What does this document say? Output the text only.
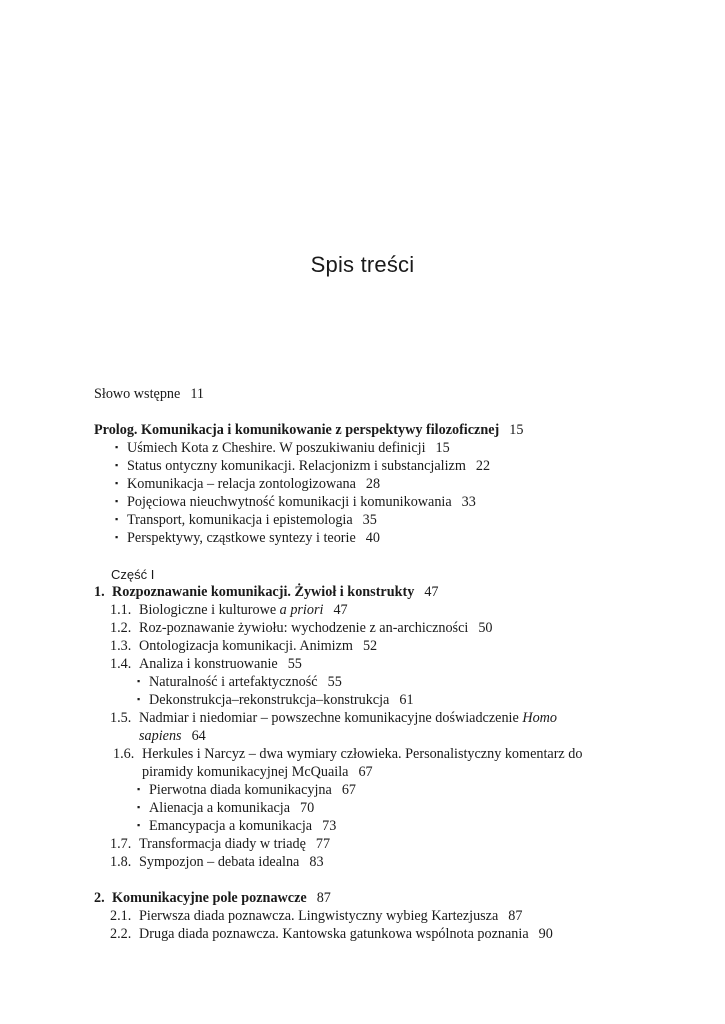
Spis treści
Słowo wstępne 11
Prolog. Komunikacja i komunikowanie z perspektywy filozoficznej 15
▪ Uśmiech Kota z Cheshire. W poszukiwaniu definicji 15
▪ Status ontyczny komunikacji. Relacjonizm i substancjalizm 22
▪ Komunikacja – relacja zontologizowana 28
▪ Pojęciowa nieuchwytność komunikacji i komunikowania 33
▪ Transport, komunikacja i epistemologia 35
▪ Perspektywy, cząstkowe syntezy i teorie 40
Część I
1. Rozpoznawanie komunikacji. Żywioł i konstrukty 47
1.1. Biologiczne i kulturowe a priori 47
1.2. Roz-poznawanie żywiołu: wychodzenie z an-archiczności 50
1.3. Ontologizacja komunikacji. Animizm 52
1.4. Analiza i konstruowanie 55
▪ Naturalność i artefaktyczność 55
▪ Dekonstrukcja–rekonstrukcja–konstrukcja 61
1.5. Nadmiar i niedomiar – powszechne komunikacyjne doświadczenie Homo
sapiens 64
1.6. Herkules i Narcyz – dwa wymiary człowieka. Personalistyczny komentarz do
piramidy komunikacyjnej McQuaila 67
▪ Pierwotna diada komunikacyjna 67
▪ Alienacja a komunikacja 70
▪ Emancypacja a komunikacja 73
1.7. Transformacja diady w triadę 77
1.8. Sympozjon – debata idealna 83
2. Komunikacyjne pole poznawcze 87
2.1. Pierwsza diada poznawcza. Lingwistyczny wybieg Kartezjusza 87
2.2. Druga diada poznawcza. Kantowska gatunkowa wspólnota poznania 90
